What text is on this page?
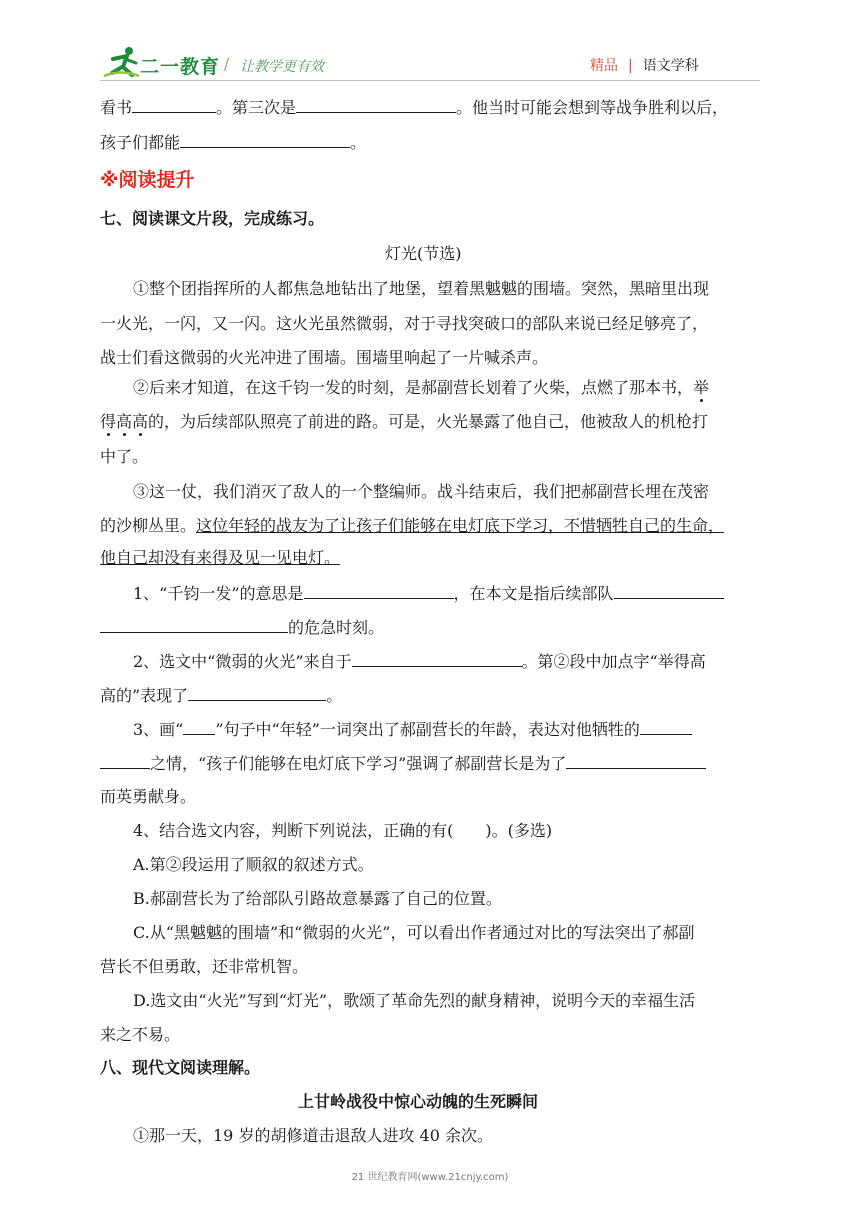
二一教育 / 让教学更有效	精品 | 语文学科
看书	。第三次是	。他当时可能会想到等战争胜利以后，
孩子们都能	。
※阅读提升
七、阅读课文片段，完成练习。
灯光(节选)
①整个团指挥所的人都焦急地钻出了地堡，望着黑魆魆的围墙。突然，黑暗里出现
一火光，一闪，又一闪。这火光虽然微弱，对于寻找突破口的部队来说已经足够亮了，
战士们看这微弱的火光冲进了围墙。围墙里响起了一片喊杀声。
②后来才知道，在这千钧一发的时刻，是郝副营长划着了火柴，点燃了那本书，举
得高高的，为后续部队照亮了前进的路。可是，火光暴露了他自己，他被敌人的机枪打
中了。
③这一仗，我们消灭了敌人的一个整编师。战斗结束后，我们把郝副营长埋在茂密
的沙柳丛里。这位年轻的战友为了让孩子们能够在电灯底下学习，不惜牺牲自己的生命，
他自己却没有来得及见一见电灯。
1、“千钧一发”的意思是	，在本文是指后续部队
的危急时刻。
2、选文中“微弱的火光”来自于	。第②段中加点字“举得高
高的”表现了	。
3、画“ ”句子中“年轻”一词突出了郝副营长的年龄，表达对他牺牲的
之情，“孩子们能够在电灯底下学习”强调了郝副营长是为了
而英勇献身。
4、结合选文内容，判断下列说法，正确的有(　　)。(多选)
A.第②段运用了顺叙的叙述方式。
B.郝副营长为了给部队引路故意暴露了自己的位置。
C.从“黑魆魆的围墙”和“微弱的火光”，可以看出作者通过对比的写法突出了郝副
营长不但勇敢，还非常机智。
D.选文由“火光”写到“灯光”，歌颂了革命先烈的献身精神，说明今天的幸福生活
来之不易。
八、现代文阅读理解。
上甘岭战役中惊心动魄的生死瞬间
①那一天，19 岁的胡修道击退敌人进攻 40 余次。
21 世纪教育网(www.21cnjy.com)
